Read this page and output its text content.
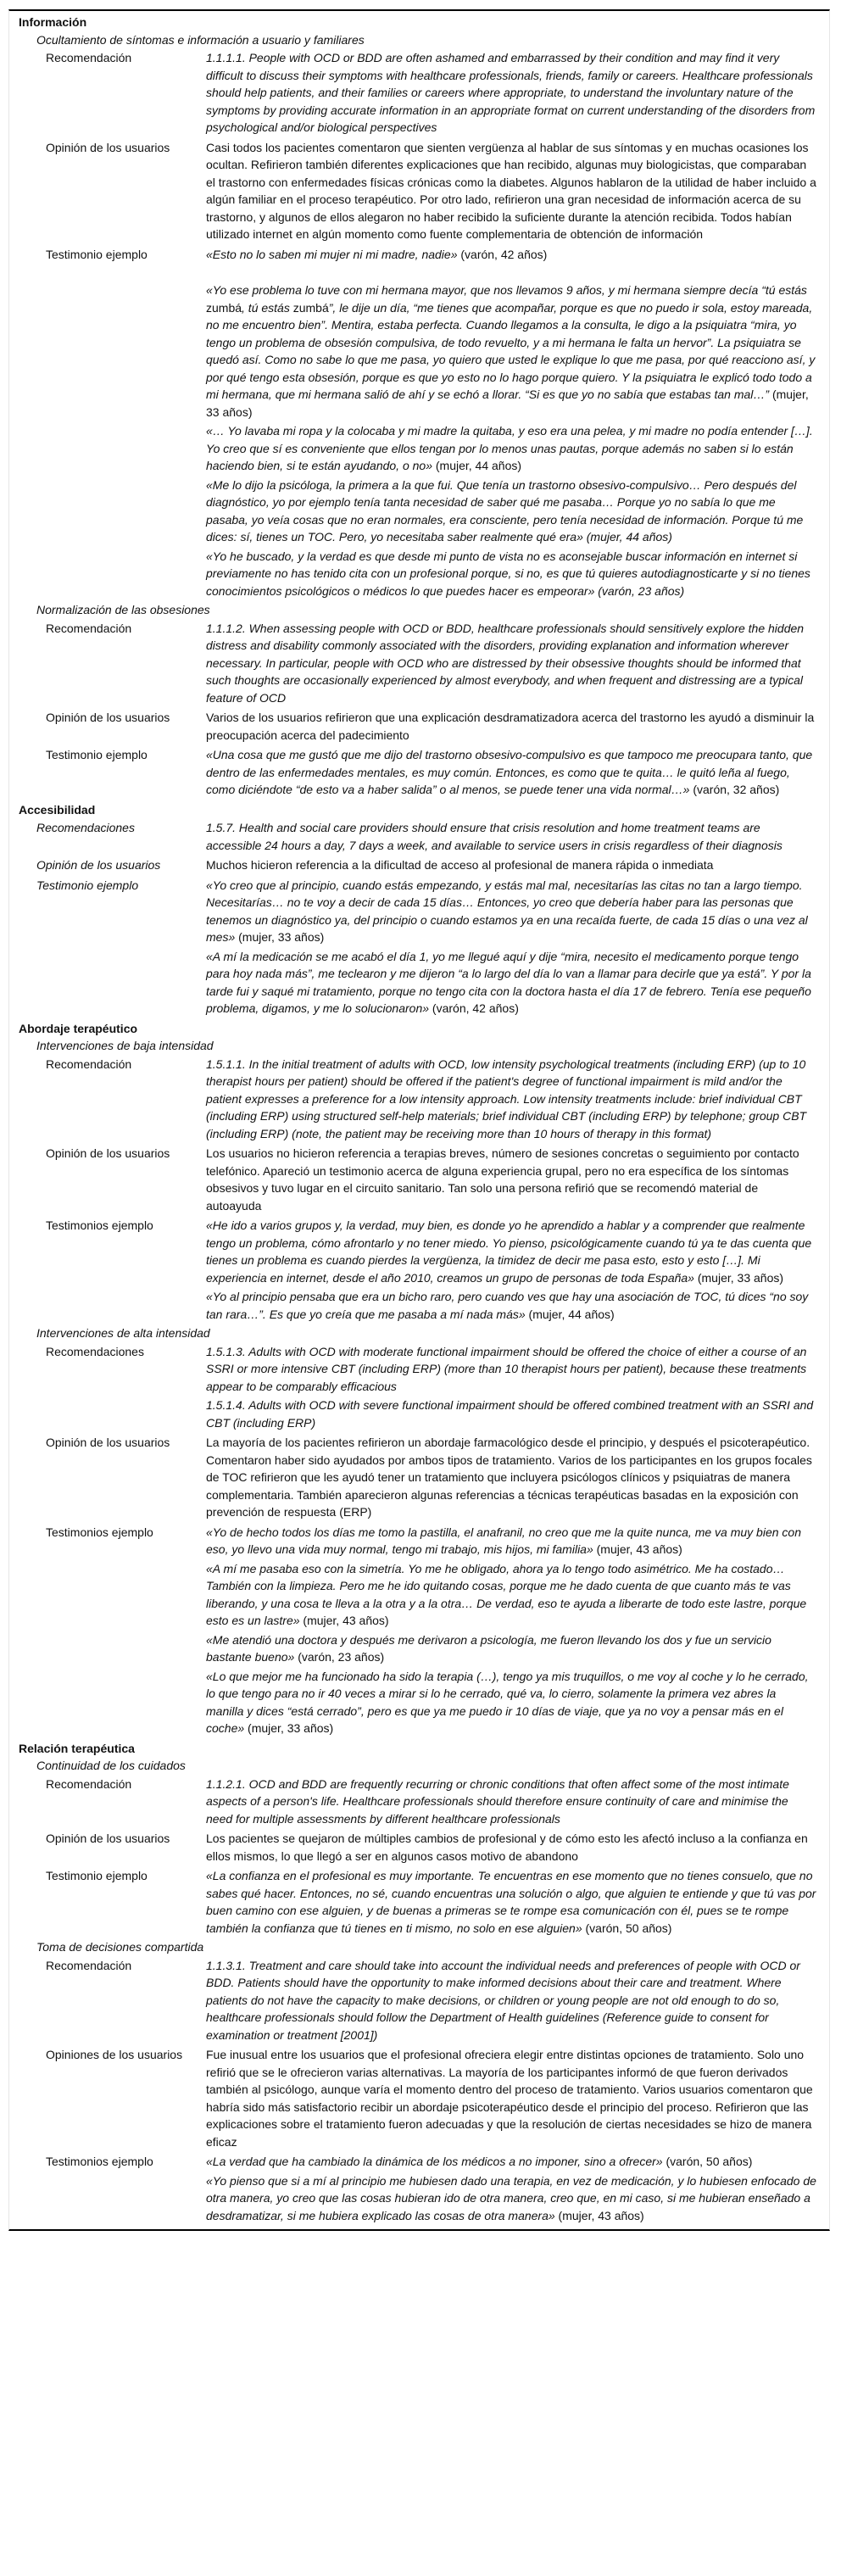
Información
Ocultamiento de síntomas e información a usuario y familiares
Recomendación	1.1.1.1. People with OCD or BDD are often ashamed and embarrassed by their condition and may find it very difficult to discuss their symptoms with healthcare professionals, friends, family or careers. Healthcare professionals should help patients, and their families or careers where appropriate, to understand the involuntary nature of the symptoms by providing accurate information in an appropriate format on current understanding of the disorders from psychological and/or biological perspectives

Opinión de los usuarios	Casi todos los pacientes comentaron que sienten vergüenza al hablar de sus síntomas y en muchas ocasiones los ocultan. Refirieron también diferentes explicaciones que han recibido, algunas muy biologicistas, que comparaban el trastorno con enfermedades físicas crónicas como la diabetes. Algunos hablaron de la utilidad de haber incluido a algún familiar en el proceso terapéutico. Por otro lado, refirieron una gran necesidad de información acerca de su trastorno, y algunos de ellos alegaron no haber recibido la suficiente durante la atención recibida. Todos habían utilizado internet en algún momento como fuente complementaria de obtención de información

Testimonio ejemplo	«Esto no lo saben mi mujer ni mi madre, nadie» (varón, 42 años)

«Yo ese problema lo tuve con mi hermana mayor, que nos llevamos 9 años, y mi hermana siempre decía “tú estás zumbá, tú estás zumbá”, le dije un día, “me tienes que acompañar, porque es que no puedo ir sola, estoy mareada, no me encuentro bien”. Mentira, estaba perfecta. Cuando llegamos a la consulta, le digo a la psiquiatra “mira, yo tengo un problema de obsesión compulsiva, de todo revuelto, y a mi hermana le falta un hervor”. La psiquiatra se quedó así. Como no sabe lo que me pasa, yo quiero que usted le explique lo que me pasa, por qué reacciono así, y por qué tengo esta obsesión, porque es que yo esto no lo hago porque quiero. Y la psiquiatra le explicó todo todo a mi hermana, que mi hermana salió de ahí y se echó a llorar. “Si es que yo no sabía que estabas tan mal…” (mujer, 33 años)

«… Yo lavaba mi ropa y la colocaba y mi madre la quitaba, y eso era una pelea, y mi madre no podía entender […]. Yo creo que sí es conveniente que ellos tengan por lo menos unas pautas, porque además no saben si lo están haciendo bien, si te están ayudando, o no» (mujer, 44 años)

«Me lo dijo la psicóloga, la primera a la que fui. Que tenía un trastorno obsesivo-compulsivo… Pero después del diagnóstico, yo por ejemplo tenía tanta necesidad de saber qué me pasaba… Porque yo no sabía lo que me pasaba, yo veía cosas que no eran normales, era consciente, pero tenía necesidad de información. Porque tú me dices: sí, tienes un TOC. Pero, yo necesitaba saber realmente qué era» (mujer, 44 años)

«Yo he buscado, y la verdad es que desde mi punto de vista no es aconsejable buscar información en internet si previamente no has tenido cita con un profesional porque, si no, es que tú quieres autodiagnosticarte y si no tienes conocimientos psicológicos o médicos lo que puedes hacer es empeorar» (varón, 23 años)

Normalización de las obsesiones
Recomendación	1.1.1.2. When assessing people with OCD or BDD, healthcare professionals should sensitively explore the hidden distress and disability commonly associated with the disorders, providing explanation and information wherever necessary. In particular, people with OCD who are distressed by their obsessive thoughts should be informed that such thoughts are occasionally experienced by almost everybody, and when frequent and distressing are a typical feature of OCD

Opinión de los usuarios	Varios de los usuarios refirieron que una explicación desdramatizadora acerca del trastorno les ayudó a disminuir la preocupación acerca del padecimiento

Testimonio ejemplo	«Una cosa que me gustó que me dijo del trastorno obsesivo-compulsivo es que tampoco me preocupara tanto, que dentro de las enfermedades mentales, es muy común. Entonces, es como que te quita… le quitó leña al fuego, como diciéndote “de esto va a haber salida” o al menos, se puede tener una vida normal…» (varón, 32 años)

Accesibilidad
Recomendaciones	1.5.7. Health and social care providers should ensure that crisis resolution and home treatment teams are accessible 24 hours a day, 7 days a week, and available to service users in crisis regardless of their diagnosis

Opinión de los usuarios	Muchos hicieron referencia a la dificultad de acceso al profesional de manera rápida o inmediata

Testimonio ejemplo	«Yo creo que al principio, cuando estás empezando, y estás mal mal, necesitarías las citas no tan a largo tiempo. Necesitarías… no te voy a decir de cada 15 días… Entonces, yo creo que debería haber para las personas que tenemos un diagnóstico ya, del principio o cuando estamos ya en una recaída fuerte, de cada 15 días o una vez al mes» (mujer, 33 años)

«A mí la medicación se me acabó el día 1, yo me llegué aquí y dije “mira, necesito el medicamento porque tengo para hoy nada más”, me teclearon y me dijeron “a lo largo del día lo van a llamar para decirle que ya está”. Y por la tarde fui y saqué mi tratamiento, porque no tengo cita con la doctora hasta el día 17 de febrero. Tenía ese pequeño problema, digamos, y me lo solucionaron» (varón, 42 años)

Abordaje terapéutico
Intervenciones de baja intensidad
Recomendación	1.5.1.1. In the initial treatment of adults with OCD, low intensity psychological treatments (including ERP) (up to 10 therapist hours per patient) should be offered if the patient's degree of functional impairment is mild and/or the patient expresses a preference for a low intensity approach. Low intensity treatments include: brief individual CBT (including ERP) using structured self-help materials; brief individual CBT (including ERP) by telephone; group CBT (including ERP) (note, the patient may be receiving more than 10 hours of therapy in this format)

Opinión de los usuarios	Los usuarios no hicieron referencia a terapias breves, número de sesiones concretas o seguimiento por contacto telefónico. Apareció un testimonio acerca de alguna experiencia grupal, pero no era específica de los síntomas obsesivos y tuvo lugar en el circuito sanitario. Tan solo una persona refirió que se recomendó material de autoayuda

Testimonios ejemplo	«He ido a varios grupos y, la verdad, muy bien, es donde yo he aprendido a hablar y a comprender que realmente tengo un problema, cómo afrontarlo y no tener miedo. Yo pienso, psicológicamente cuando tú ya te das cuenta que tienes un problema es cuando pierdes la vergüenza, la timidez de decir me pasa esto, esto y esto […]. Mi experiencia en internet, desde el año 2010, creamos un grupo de personas de toda España» (mujer, 33 años)

«Yo al principio pensaba que era un bicho raro, pero cuando ves que hay una asociación de TOC, tú dices “no soy tan rara…”. Es que yo creía que me pasaba a mí nada más» (mujer, 44 años)

Intervenciones de alta intensidad
Recomendaciones	1.5.1.3. Adults with OCD with moderate functional impairment should be offered the choice of either a course of an SSRI or more intensive CBT (including ERP) (more than 10 therapist hours per patient), because these treatments appear to be comparably efficacious

1.5.1.4. Adults with OCD with severe functional impairment should be offered combined treatment with an SSRI and CBT (including ERP)

Opinión de los usuarios	La mayoría de los pacientes refirieron un abordaje farmacológico desde el principio, y después el psicoterapéutico. Comentaron haber sido ayudados por ambos tipos de tratamiento. Varios de los participantes en los grupos focales de TOC refirieron que les ayudó tener un tratamiento que incluyera psicólogos clínicos y psiquiatras de manera complementaria. También aparecieron algunas referencias a técnicas terapéuticas basadas en la exposición con prevención de respuesta (ERP)

Testimonios ejemplo	«Yo de hecho todos los días me tomo la pastilla, el anafranil, no creo que me la quite nunca, me va muy bien con eso, yo llevo una vida muy normal, tengo mi trabajo, mis hijos, mi familia» (mujer, 43 años)

«A mí me pasaba eso con la simetría. Yo me he obligado, ahora ya lo tengo todo asimétrico. Me ha costado… También con la limpieza. Pero me he ido quitando cosas, porque me he dado cuenta de que cuanto más te vas liberando, y una cosa te lleva a la otra y a la otra… De verdad, eso te ayuda a liberarte de todo este lastre, porque esto es un lastre» (mujer, 43 años)

«Me atendió una doctora y después me derivaron a psicología, me fueron llevando los dos y fue un servicio bastante bueno» (varón, 23 años)

«Lo que mejor me ha funcionado ha sido la terapia (…), tengo ya mis truquillos, o me voy al coche y lo he cerrado, lo que tengo para no ir 40 veces a mirar si lo he cerrado, qué va, lo cierro, solamente la primera vez abres la manilla y dices “está cerrado”, pero es que ya me puedo ir 10 días de viaje, que ya no voy a pensar más en el coche» (mujer, 33 años)

Relación terapéutica
Continuidad de los cuidados
Recomendación	1.1.2.1. OCD and BDD are frequently recurring or chronic conditions that often affect some of the most intimate aspects of a person's life. Healthcare professionals should therefore ensure continuity of care and minimise the need for multiple assessments by different healthcare professionals

Opinión de los usuarios	Los pacientes se quejaron de múltiples cambios de profesional y de cómo esto les afectó incluso a la confianza en ellos mismos, lo que llegó a ser en algunos casos motivo de abandono

Testimonio ejemplo	«La confianza en el profesional es muy importante. Te encuentras en ese momento que no tienes consuelo, que no sabes qué hacer. Entonces, no sé, cuando encuentras una solución o algo, que alguien te entiende y que tú vas por buen camino con ese alguien, y de buenas a primeras se te rompe esa comunicación con él, pues se te rompe también la confianza que tú tienes en ti mismo, no solo en ese alguien» (varón, 50 años)

Toma de decisiones compartida
Recomendación	1.1.3.1. Treatment and care should take into account the individual needs and preferences of people with OCD or BDD. Patients should have the opportunity to make informed decisions about their care and treatment. Where patients do not have the capacity to make decisions, or children or young people are not old enough to do so, healthcare professionals should follow the Department of Health guidelines (Reference guide to consent for examination or treatment [2001])

Opiniones de los usuarios	Fue inusual entre los usuarios que el profesional ofreciera elegir entre distintas opciones de tratamiento. Solo uno refirió que se le ofrecieron varias alternativas. La mayoría de los participantes informó de que fueron derivados también al psicólogo, aunque varía el momento dentro del proceso de tratamiento. Varios usuarios comentaron que habría sido más satisfactorio recibir un abordaje psicoterapéutico desde el principio del proceso. Refirieron que las explicaciones sobre el tratamiento fueron adecuadas y que la resolución de ciertas necesidades se hizo de manera eficaz

Testimonios ejemplo	«La verdad que ha cambiado la dinámica de los médicos a no imponer, sino a ofrecer» (varón, 50 años)

«Yo pienso que si a mí al principio me hubiesen dado una terapia, en vez de medicación, y lo hubiesen enfocado de otra manera, yo creo que las cosas hubieran ido de otra manera, creo que, en mi caso, si me hubieran enseñado a desdramatizar, si me hubiera explicado las cosas de otra manera» (mujer, 43 años)
